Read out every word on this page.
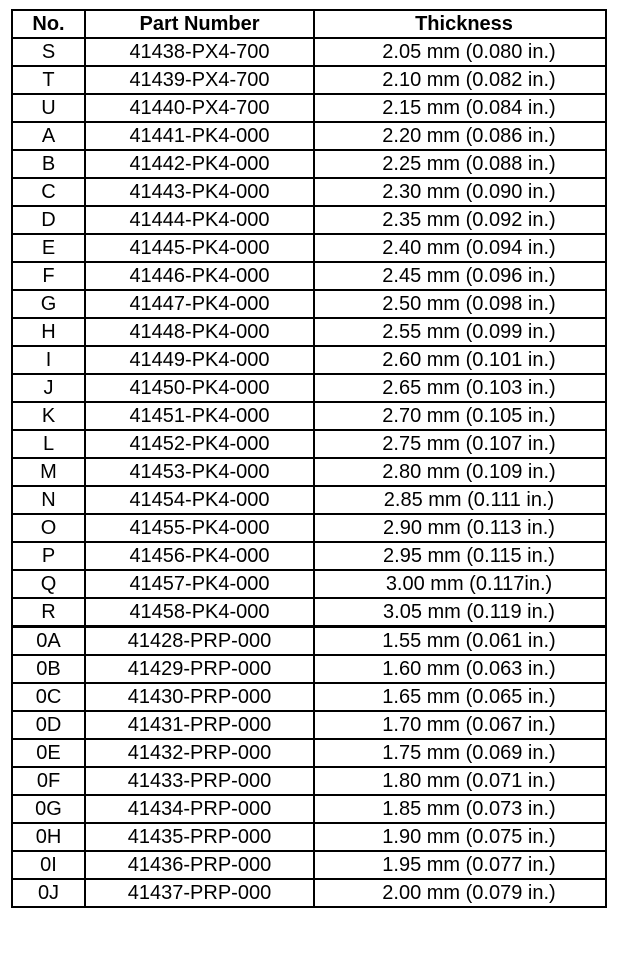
No.	Part Number	Thickness
S	41438-PX4-700	2.05 mm (0.080 in.)
T	41439-PX4-700	2.10 mm (0.082 in.)
U	41440-PX4-700	2.15 mm (0.084 in.)
A	41441-PK4-000	2.20 mm (0.086 in.)
B	41442-PK4-000	2.25 mm (0.088 in.)
C	41443-PK4-000	2.30 mm (0.090 in.)
D	41444-PK4-000	2.35 mm (0.092 in.)
E	41445-PK4-000	2.40 mm (0.094 in.)
F	41446-PK4-000	2.45 mm (0.096 in.)
G	41447-PK4-000	2.50 mm (0.098 in.)
H	41448-PK4-000	2.55 mm (0.099 in.)
I	41449-PK4-000	2.60 mm (0.101 in.)
J	41450-PK4-000	2.65 mm (0.103 in.)
K	41451-PK4-000	2.70 mm (0.105 in.)
L	41452-PK4-000	2.75 mm (0.107 in.)
M	41453-PK4-000	2.80 mm (0.109 in.)
N	41454-PK4-000	2.85 mm (0.111 in.)
O	41455-PK4-000	2.90 mm (0.113 in.)
P	41456-PK4-000	2.95 mm (0.115 in.)
Q	41457-PK4-000	3.00 mm (0.117in.)
R	41458-PK4-000	3.05 mm (0.119 in.)
0A	41428-PRP-000	1.55 mm (0.061 in.)
0B	41429-PRP-000	1.60 mm (0.063 in.)
0C	41430-PRP-000	1.65 mm (0.065 in.)
0D	41431-PRP-000	1.70 mm (0.067 in.)
0E	41432-PRP-000	1.75 mm (0.069 in.)
0F	41433-PRP-000	1.80 mm (0.071 in.)
0G	41434-PRP-000	1.85 mm (0.073 in.)
0H	41435-PRP-000	1.90 mm (0.075 in.)
0I	41436-PRP-000	1.95 mm (0.077 in.)
0J	41437-PRP-000	2.00 mm (0.079 in.)
